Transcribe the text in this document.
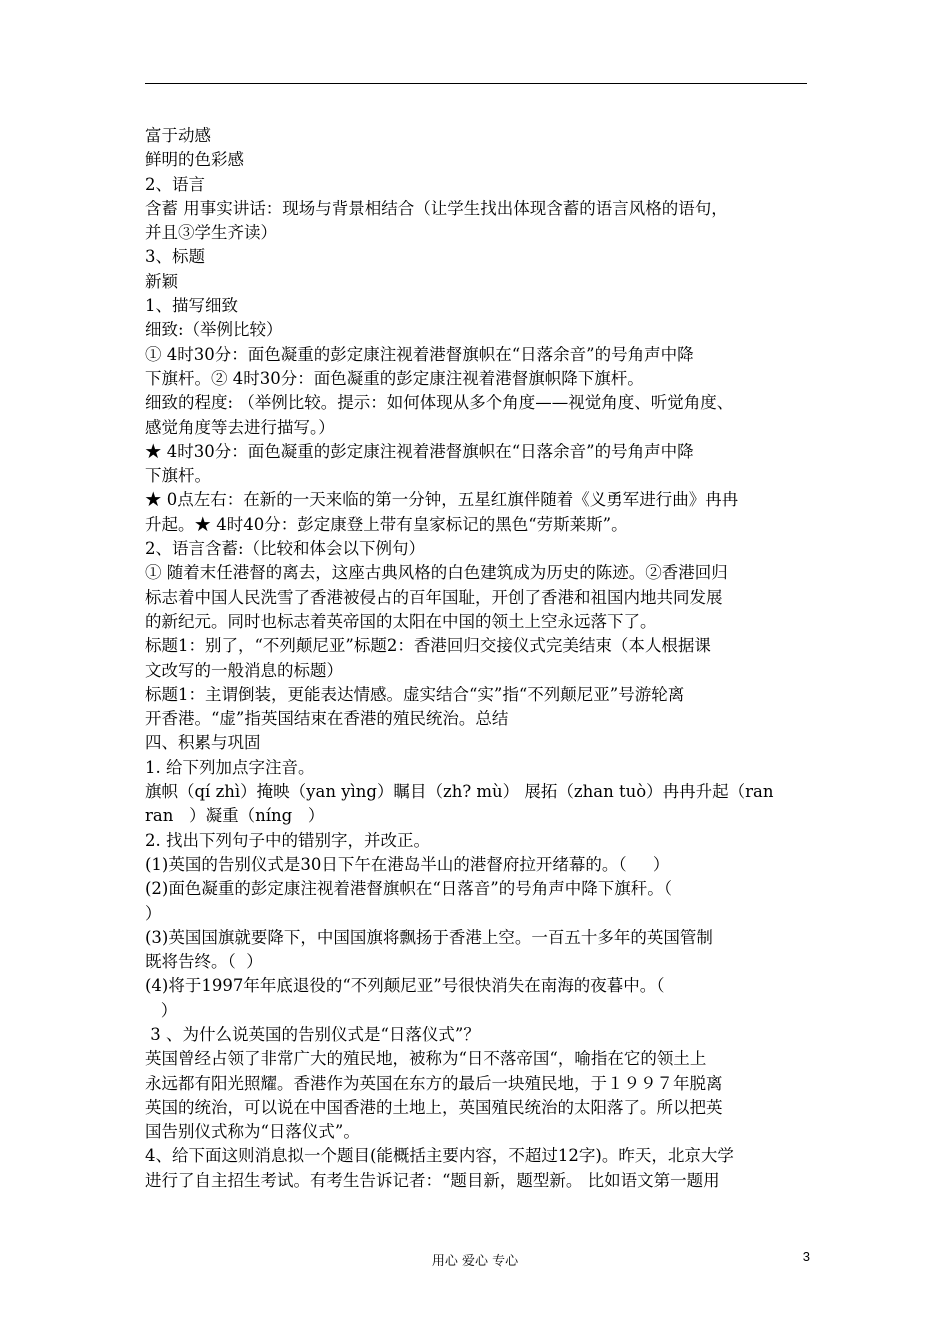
富于动感

鲜明的色彩感

2、语言

含蓄 用事实讲话：现场与背景相结合（让学生找出体现含蓄的语言风格的语句，

并且③学生齐读）

3、标题

新颖

1、描写细致

细致:（举例比较）

① 4时30分：面色凝重的彭定康注视着港督旗帜在“日落余音”的号角声中降

下旗杆。② 4时30分：面色凝重的彭定康注视着港督旗帜降下旗杆。

细致的程度: （举例比较。提示：如何体现从多个角度——视觉角度、听觉角度、

感觉角度等去进行描写。）

★ 4时30分：面色凝重的彭定康注视着港督旗帜在“日落余音”的号角声中降

下旗杆。

★ 0点左右：在新的一天来临的第一分钟，五星红旗伴随着《义勇军进行曲》冉冉

升起。★ 4时40分：彭定康登上带有皇家标记的黑色“劳斯莱斯”。

2、语言含蓄:（比较和体会以下例句）

① 随着末任港督的离去，这座古典风格的白色建筑成为历史的陈迹。②香港回归

标志着中国人民洗雪了香港被侵占的百年国耻，开创了香港和祖国内地共同发展

的新纪元。同时也标志着英帝国的太阳在中国的领土上空永远落下了。

标题1：别了，“不列颠尼亚”标题2：香港回归交接仪式完美结束（本人根据课

文改写的一般消息的标题）

标题1：主谓倒装，更能表达情感。虚实结合“实”指“不列颠尼亚”号游轮离

开香港。“虚”指英国结束在香港的殖民统治。总结

四、积累与巩固

1. 给下列加点字注音。

旗帜（qí zhì）掩映（yan yìng）瞩目（zh? mù） 展拓（zhan tuò）冉冉升起（ran

ran   ）凝重（níng   ）

2. 找出下列句子中的错别字，并改正。

(1)英国的告别仪式是30日下午在港岛半山的港督府拉开绪幕的。（     ）

(2)面色凝重的彭定康注视着港督旗帜在“日落音”的号角声中降下旗秆。（

）

(3)英国国旗就要降下，中国国旗将飘扬于香港上空。一百五十多年的英国管制

既将告终。（  ）

(4)将于1997年年底退役的“不列颠尼亚”号很快消失在南海的夜暮中。（

）

3 、为什么说英国的告别仪式是“日落仪式”？

英国曾经占领了非常广大的殖民地，被称为“日不落帝国“，喻指在它的领土上

永远都有阳光照耀。香港作为英国在东方的最后一块殖民地，于１９９７年脱离

英国的统治，可以说在中国香港的土地上，英国殖民统治的太阳落了。所以把英

国告别仪式称为“日落仪式”。

4、给下面这则消息拟一个题目(能概括主要内容，不超过12字)。昨天，北京大学

进行了自主招生考试。有考生告诉记者：“题目新，题型新。 比如语文第一题用

用心 爱心 专心	3
